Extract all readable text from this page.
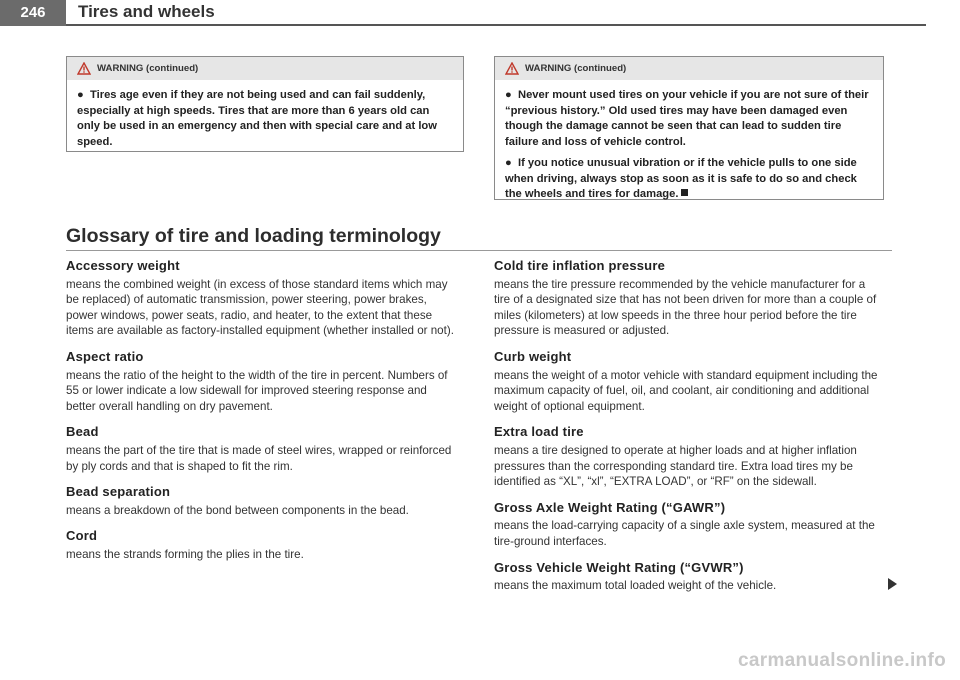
246	Tires and wheels
WARNING (continued)

●  Tires age even if they are not being used and can fail suddenly, especially at high speeds. Tires that are more than 6 years old can only be used in an emergency and then with special care and at low speed.

WARNING (continued)

●  Never mount used tires on your vehicle if you are not sure of their “previous history.” Old used tires may have been damaged even though the damage cannot be seen that can lead to sudden tire failure and loss of vehicle control.

●  If you notice unusual vibration or if the vehicle pulls to one side when driving, always stop as soon as it is safe to do so and check the wheels and tires for damage.

Glossary of tire and loading terminology
Accessory weight
means the combined weight (in excess of those standard items which may be replaced) of automatic transmission, power steering, power brakes, power windows, power seats, radio, and heater, to the extent that these items are available as factory-installed equipment (whether installed or not).
Aspect ratio
means the ratio of the height to the width of the tire in percent. Numbers of 55 or lower indicate a low sidewall for improved steering response and better overall handling on dry pavement.
Bead
means the part of the tire that is made of steel wires, wrapped or reinforced by ply cords and that is shaped to fit the rim.
Bead separation
means a breakdown of the bond between components in the bead.
Cord
means the strands forming the plies in the tire.
Cold tire inflation pressure
means the tire pressure recommended by the vehicle manufacturer for a tire of a designated size that has not been driven for more than a couple of miles (kilometers) at low speeds in the three hour period before the tire pressure is measured or adjusted.
Curb weight
means the weight of a motor vehicle with standard equipment including the maximum capacity of fuel, oil, and coolant, air conditioning and additional weight of optional equipment.
Extra load tire
means a tire designed to operate at higher loads and at higher inflation pressures than the corresponding standard tire. Extra load tires my be identified as “XL”, “xl”, “EXTRA LOAD”, or “RF” on the sidewall.
Gross Axle Weight Rating (“GAWR”)
means the load-carrying capacity of a single axle system, measured at the tire-ground interfaces.
Gross Vehicle Weight Rating (“GVWR”)
means the maximum total loaded weight of the vehicle.
carmanualsonline.info
